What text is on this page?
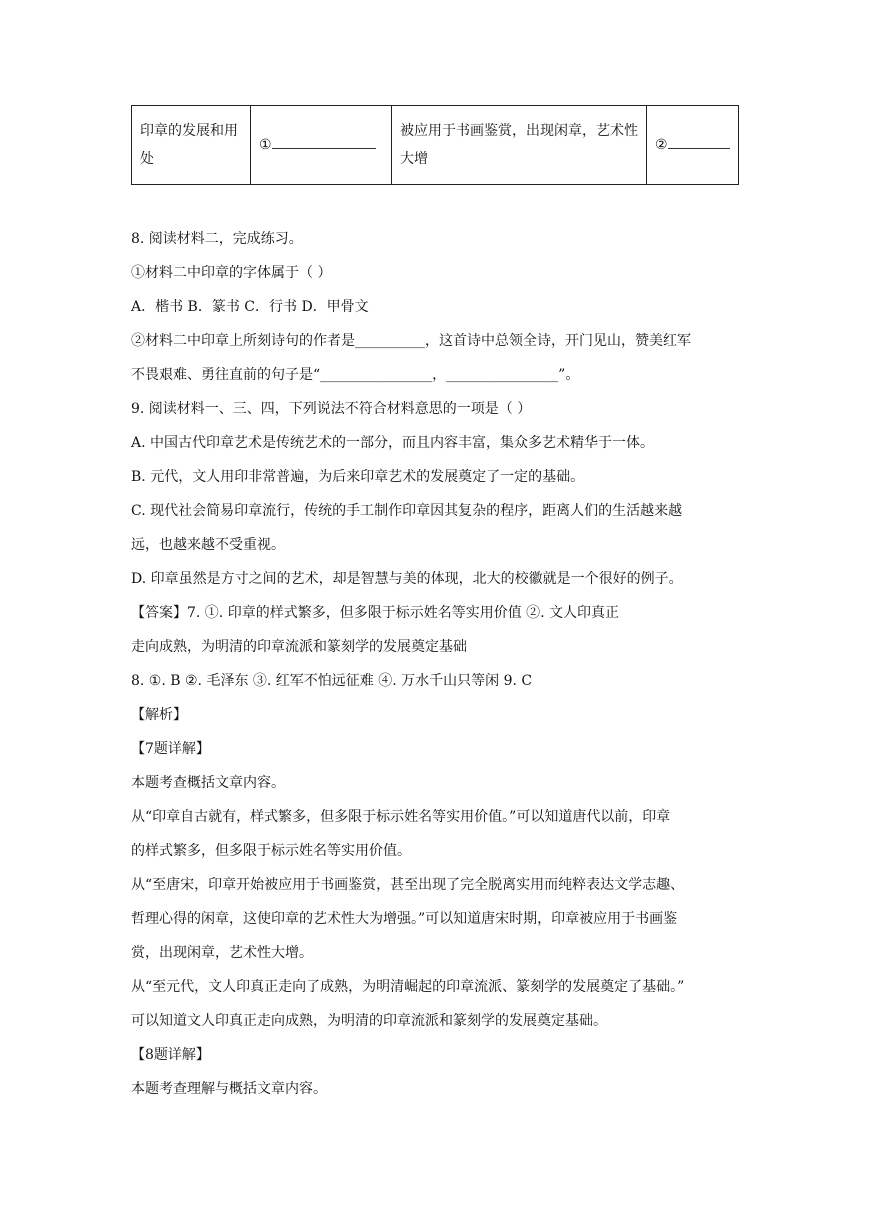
印章的发展和用处	①	被应用于书画鉴赏，出现闲章，艺术性大增	②
8. 阅读材料二，完成练习。
①材料二中印章的字体属于（ ）
A．楷书 B．篆书 C．行书 D．甲骨文
②材料二中印章上所刻诗句的作者是__________，这首诗中总领全诗，开门见山，赞美红军
不畏艰难、勇往直前的句子是“________________，________________”。
9. 阅读材料一、三、四，下列说法不符合材料意思的一项是（ ）
A. 中国古代印章艺术是传统艺术的一部分，而且内容丰富，集众多艺术精华于一体。
B. 元代，文人用印非常普遍，为后来印章艺术的发展奠定了一定的基础。
C. 现代社会简易印章流行，传统的手工制作印章因其复杂的程序，距离人们的生活越来越
远，也越来越不受重视。
D. 印章虽然是方寸之间的艺术，却是智慧与美的体现，北大的校徽就是一个很好的例子。
【答案】7. ①. 印章的样式繁多，但多限于标示姓名等实用价值 ②. 文人印真正
走向成熟，为明清的印章流派和篆刻学的发展奠定基础
8. ①. B ②. 毛泽东 ③. 红军不怕远征难 ④. 万水千山只等闲 9. C
【解析】
【7题详解】
本题考查概括文章内容。
从“印章自古就有，样式繁多，但多限于标示姓名等实用价值。”可以知道唐代以前，印章
的样式繁多，但多限于标示姓名等实用价值。
从“至唐宋，印章开始被应用于书画鉴赏，甚至出现了完全脱离实用而纯粹表达文学志趣、
哲理心得的闲章，这使印章的艺术性大为增强。”可以知道唐宋时期，印章被应用于书画鉴
赏，出现闲章，艺术性大增。
从“至元代，文人印真正走向了成熟，为明清崛起的印章流派、篆刻学的发展奠定了基础。”
可以知道文人印真正走向成熟，为明清的印章流派和篆刻学的发展奠定基础。
【8题详解】
本题考查理解与概括文章内容。
